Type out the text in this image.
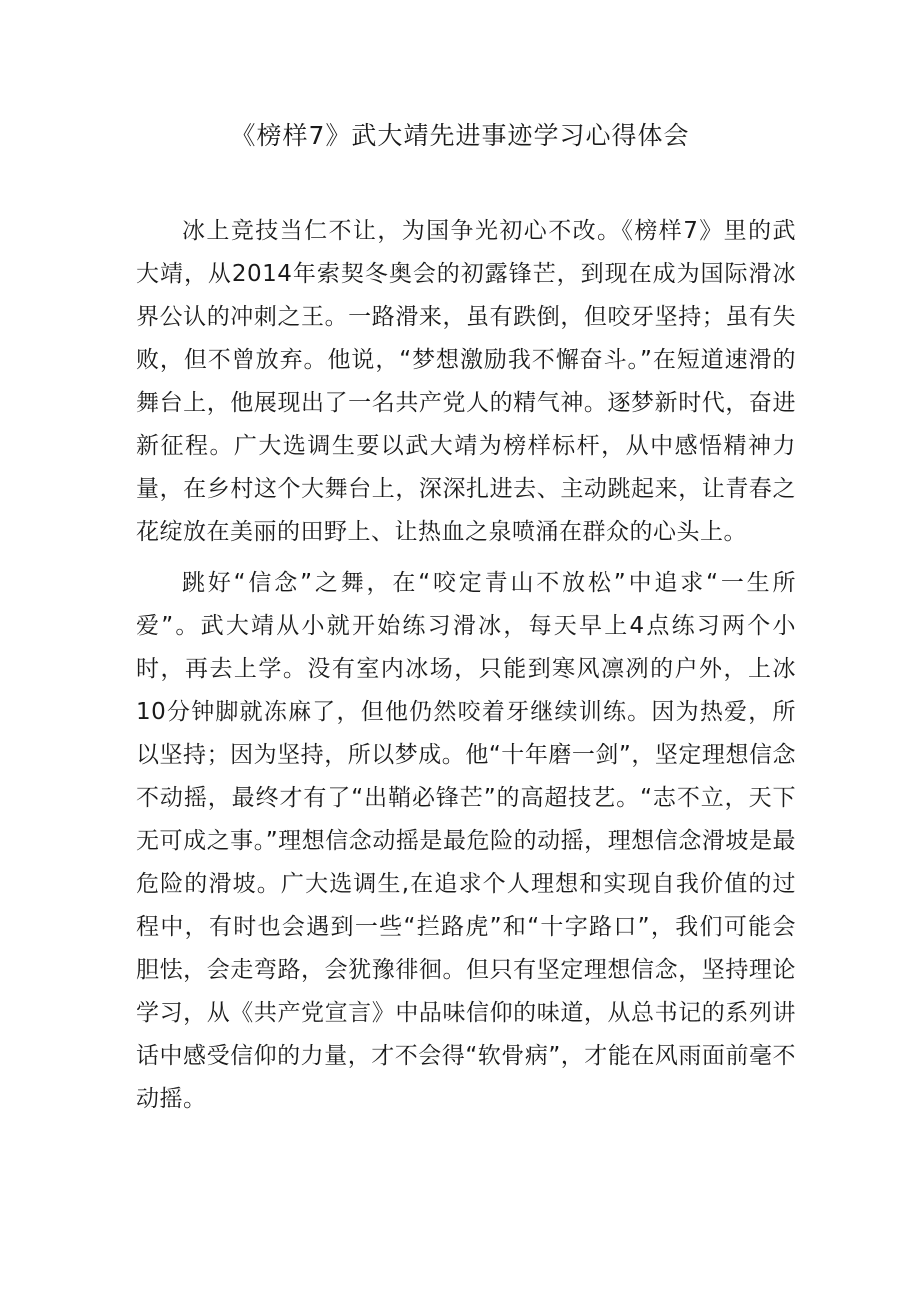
《榜样7》武大靖先进事迹学习心得体会

冰上竞技当仁不让，为国争光初心不改。《榜样7》里的武大靖，从2014年索契冬奥会的初露锋芒，到现在成为国际滑冰界公认的冲刺之王。一路滑来，虽有跌倒，但咬牙坚持；虽有失败，但不曾放弃。他说，“梦想激励我不懈奋斗。”在短道速滑的舞台上，他展现出了一名共产党人的精气神。逐梦新时代，奋进新征程。广大选调生要以武大靖为榜样标杆，从中感悟精神力量，在乡村这个大舞台上，深深扎进去、主动跳起来，让青春之花绽放在美丽的田野上、让热血之泉喷涌在群众的心头上。

跳好“信念”之舞，在“咬定青山不放松”中追求“一生所爱”。武大靖从小就开始练习滑冰，每天早上4点练习两个小时，再去上学。没有室内冰场，只能到寒风凛冽的户外，上冰10分钟脚就冻麻了，但他仍然咬着牙继续训练。因为热爱，所以坚持；因为坚持，所以梦成。他“十年磨一剑”，坚定理想信念不动摇，最终才有了“出鞘必锋芒”的高超技艺。“志不立，天下无可成之事。”理想信念动摇是最危险的动摇，理想信念滑坡是最危险的滑坡。广大选调生,在追求个人理想和实现自我价值的过程中，有时也会遇到一些“拦路虎”和“十字路口”，我们可能会胆怯，会走弯路，会犹豫徘徊。但只有坚定理想信念，坚持理论学习，从《共产党宣言》中品味信仰的味道，从总书记的系列讲话中感受信仰的力量，才不会得“软骨病”，才能在风雨面前毫不动摇。
